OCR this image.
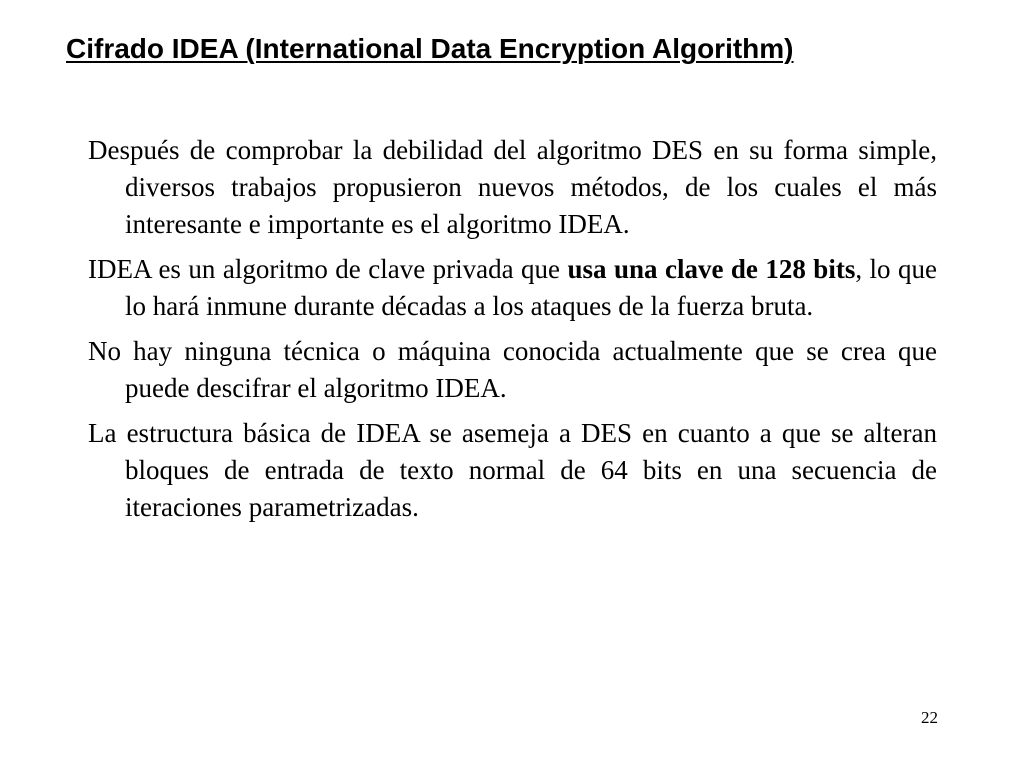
Cifrado IDEA (International Data Encryption Algorithm)

Después de comprobar la debilidad del algoritmo DES en su forma simple, diversos trabajos propusieron nuevos métodos, de los cuales el más interesante e importante es el algoritmo IDEA.

IDEA es un algoritmo de clave privada que usa una clave de 128 bits, lo que lo hará inmune durante décadas a los ataques de la fuerza bruta.

No hay ninguna técnica o máquina conocida actualmente que se crea que puede descifrar el algoritmo IDEA.

La estructura básica de IDEA se asemeja a DES en cuanto a que se alteran bloques de entrada de texto normal de 64 bits en una secuencia de iteraciones parametrizadas.

22
